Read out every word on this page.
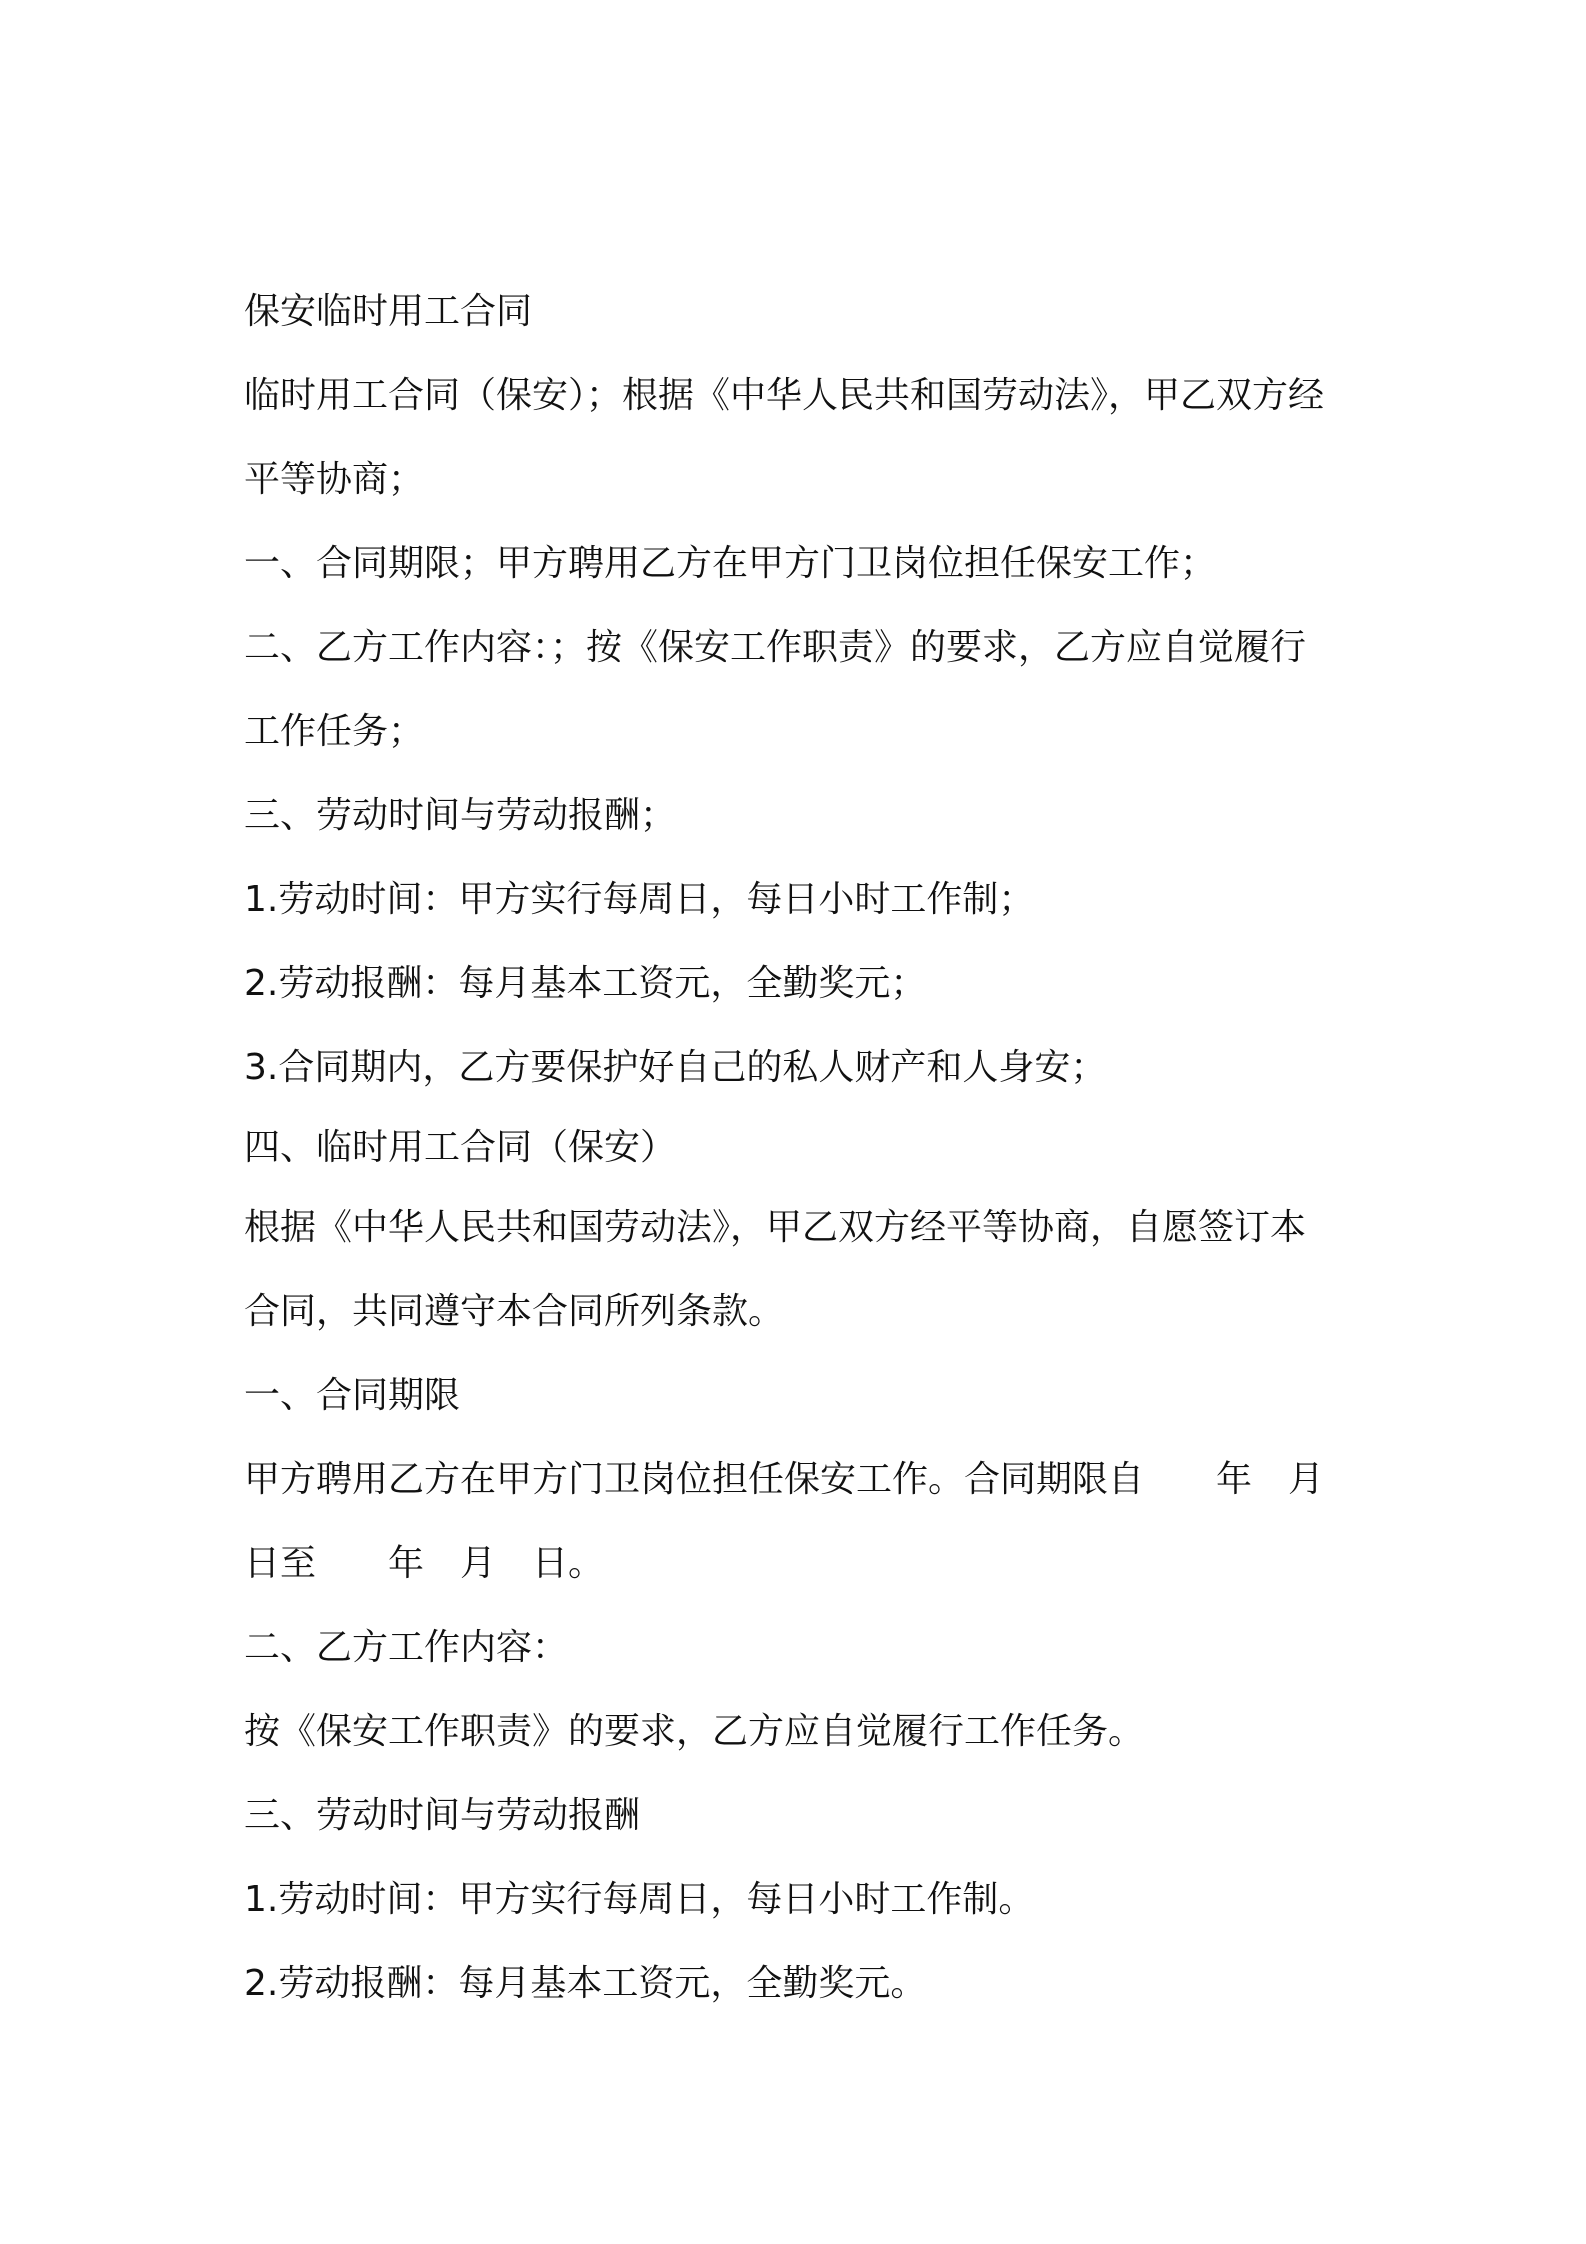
保安临时用工合同
临时用工合同（保安）；根据《中华人民共和国劳动法》，甲乙双方经
平等协商；
一、合同期限；甲方聘用乙方在甲方门卫岗位担任保安工作；
二、乙方工作内容：；按《保安工作职责》的要求，乙方应自觉履行
工作任务；
三、劳动时间与劳动报酬；
1.劳动时间：甲方实行每周日，每日小时工作制；
2.劳动报酬：每月基本工资元，全勤奖元；
3.合同期内，乙方要保护好自己的私人财产和人身安；
四、临时用工合同（保安）
根据《中华人民共和国劳动法》，甲乙双方经平等协商，自愿签订本
合同，共同遵守本合同所列条款。
一、合同期限
甲方聘用乙方在甲方门卫岗位担任保安工作。合同期限自　　年　月
日至　　年　月　日。
二、乙方工作内容：
按《保安工作职责》的要求，乙方应自觉履行工作任务。
三、劳动时间与劳动报酬
1.劳动时间：甲方实行每周日，每日小时工作制。
2.劳动报酬：每月基本工资元，全勤奖元。
